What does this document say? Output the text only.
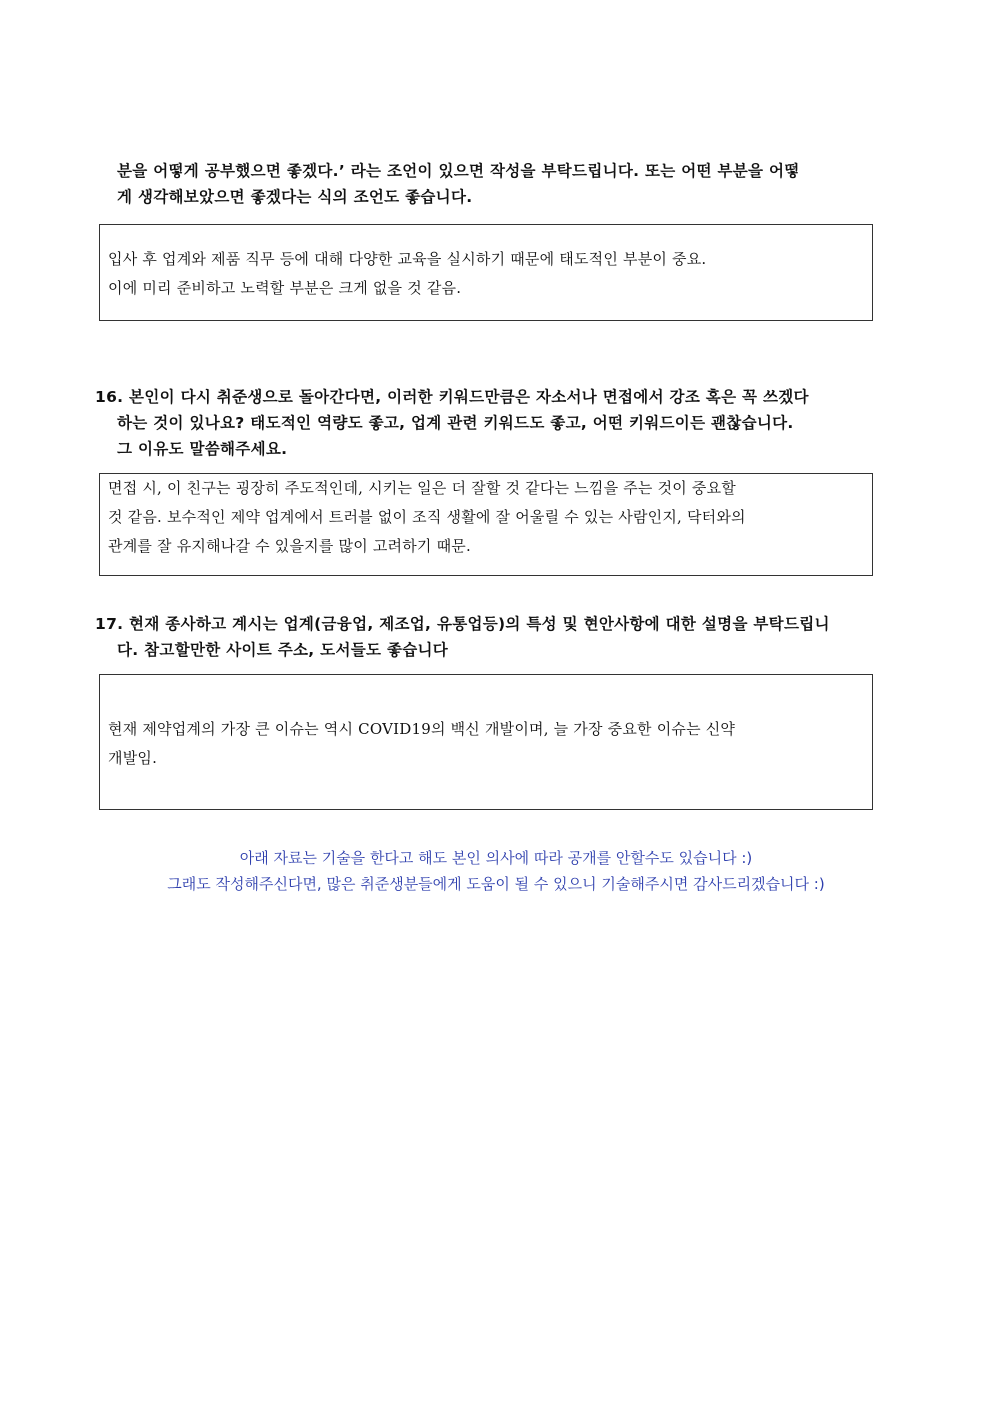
분을 어떻게 공부했으면 좋겠다.’ 라는 조언이 있으면 작성을 부탁드립니다. 또는 어떤 부분을 어떻
게 생각해보았으면 좋겠다는 식의 조언도 좋습니다.
입사 후 업계와 제품 직무 등에 대해 다양한 교육을 실시하기 때문에 태도적인 부분이 중요.
이에 미리 준비하고 노력할 부분은 크게 없을 것 같음.
16. 본인이 다시 취준생으로 돌아간다면, 이러한 키워드만큼은 자소서나 면접에서 강조 혹은 꼭 쓰겠다
하는 것이 있나요? 태도적인 역량도 좋고, 업계 관련 키워드도 좋고, 어떤 키워드이든 괜찮습니다.
그 이유도 말씀해주세요.
면접 시, 이 친구는 굉장히 주도적인데, 시키는 일은 더 잘할 것 같다는 느낌을 주는 것이 중요할
것 같음. 보수적인 제약 업계에서 트러블 없이 조직 생활에 잘 어울릴 수 있는 사람인지, 닥터와의
관계를 잘 유지해나갈 수 있을지를 많이 고려하기 때문.
17. 현재 종사하고 계시는 업계(금융업, 제조업, 유통업등)의 특성 및 현안사항에 대한 설명을 부탁드립니
다. 참고할만한 사이트 주소, 도서들도 좋습니다
현재 제약업계의 가장 큰 이슈는 역시 COVID19의 백신 개발이며, 늘 가장 중요한 이슈는 신약
개발임.
아래 자료는 기술을 한다고 해도 본인 의사에 따라 공개를 안할수도 있습니다 :)
그래도 작성해주신다면, 많은 취준생분들에게 도움이 될 수 있으니 기술해주시면 감사드리겠습니다 :)
